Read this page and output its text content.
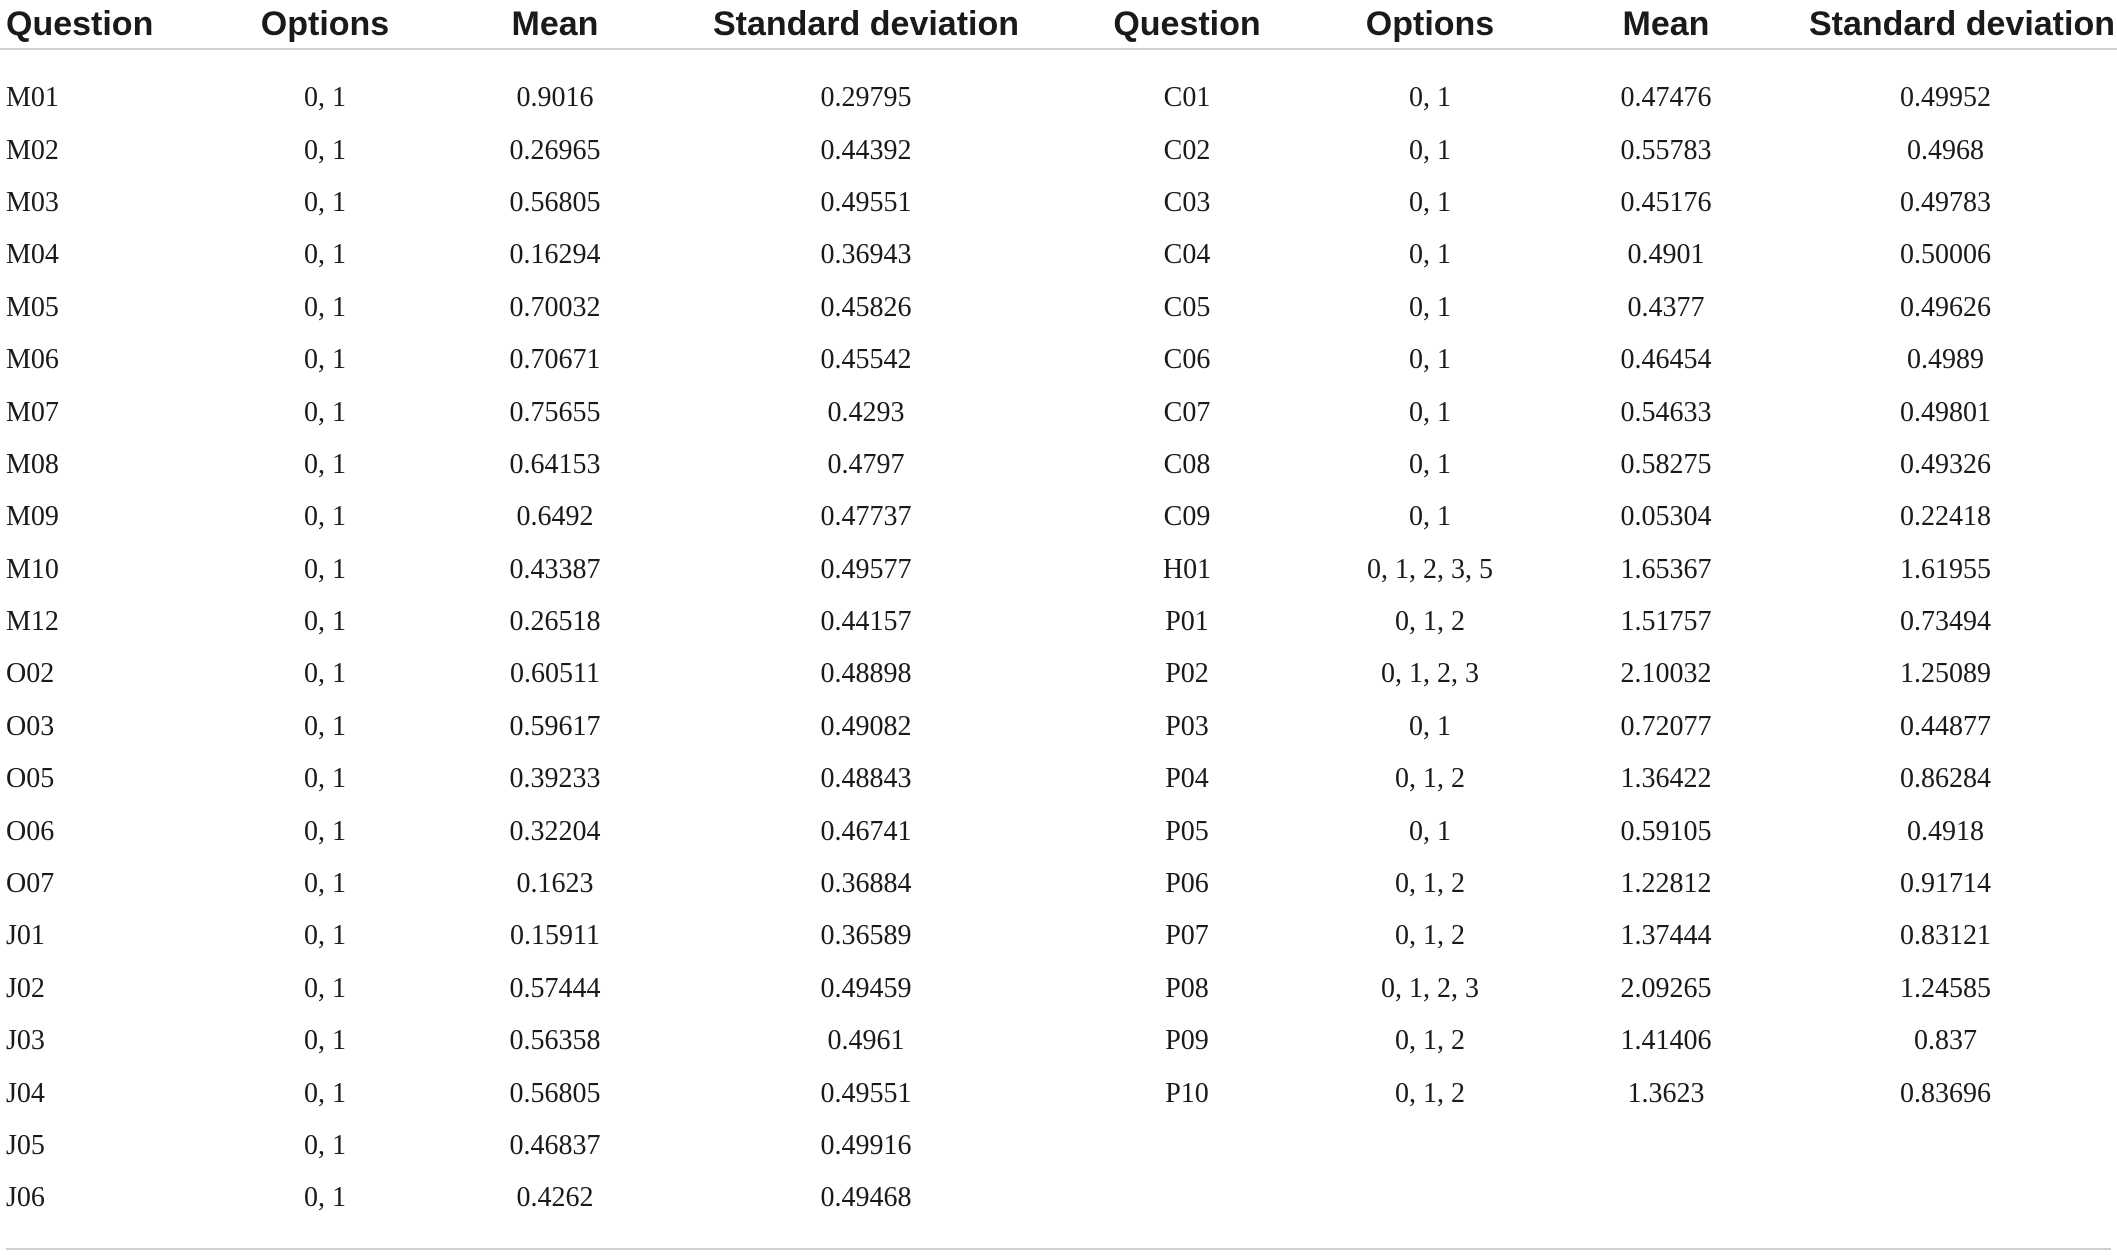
Question	Options	Mean	Standard deviation	Question	Options	Mean	Standard deviation

M01	0, 1	0.9016	0.29795	C01	0, 1	0.47476	0.49952
M02	0, 1	0.26965	0.44392	C02	0, 1	0.55783	0.4968
M03	0, 1	0.56805	0.49551	C03	0, 1	0.45176	0.49783
M04	0, 1	0.16294	0.36943	C04	0, 1	0.4901	0.50006
M05	0, 1	0.70032	0.45826	C05	0, 1	0.4377	0.49626
M06	0, 1	0.70671	0.45542	C06	0, 1	0.46454	0.4989
M07	0, 1	0.75655	0.4293	C07	0, 1	0.54633	0.49801
M08	0, 1	0.64153	0.4797	C08	0, 1	0.58275	0.49326
M09	0, 1	0.6492	0.47737	C09	0, 1	0.05304	0.22418
M10	0, 1	0.43387	0.49577	H01	0, 1, 2, 3, 5	1.65367	1.61955
M12	0, 1	0.26518	0.44157	P01	0, 1, 2	1.51757	0.73494
O02	0, 1	0.60511	0.48898	P02	0, 1, 2, 3	2.10032	1.25089
O03	0, 1	0.59617	0.49082	P03	0, 1	0.72077	0.44877
O05	0, 1	0.39233	0.48843	P04	0, 1, 2	1.36422	0.86284
O06	0, 1	0.32204	0.46741	P05	0, 1	0.59105	0.4918
O07	0, 1	0.1623	0.36884	P06	0, 1, 2	1.22812	0.91714
J01	0, 1	0.15911	0.36589	P07	0, 1, 2	1.37444	0.83121
J02	0, 1	0.57444	0.49459	P08	0, 1, 2, 3	2.09265	1.24585
J03	0, 1	0.56358	0.4961	P09	0, 1, 2	1.41406	0.837
J04	0, 1	0.56805	0.49551	P10	0, 1, 2	1.3623	0.83696
J05	0, 1	0.46837	0.49916				
J06	0, 1	0.4262	0.49468				
